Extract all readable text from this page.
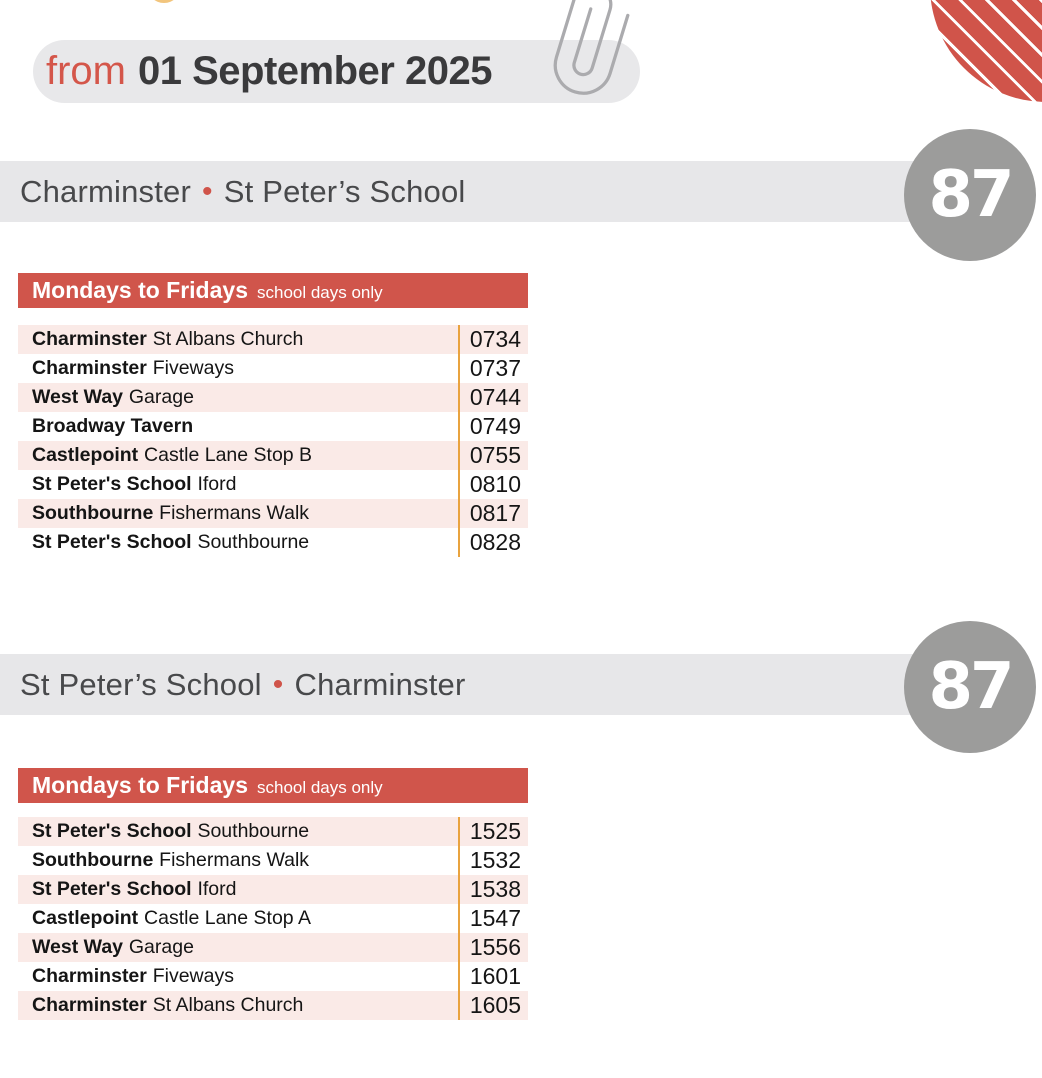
from 01 September 2025
Charminster • St Peter’s School	87
Mondays to Fridays school days only
Charminster St Albans Church	0734
Charminster Fiveways	0737
West Way Garage	0744
Broadway Tavern	0749
Castlepoint Castle Lane Stop B	0755
St Peter's School Iford	0810
Southbourne Fishermans Walk	0817
St Peter's School Southbourne	0828
St Peter’s School • Charminster	87
Mondays to Fridays school days only
St Peter's School Southbourne	1525
Southbourne Fishermans Walk	1532
St Peter's School Iford	1538
Castlepoint Castle Lane Stop A	1547
West Way Garage	1556
Charminster Fiveways	1601
Charminster St Albans Church	1605
